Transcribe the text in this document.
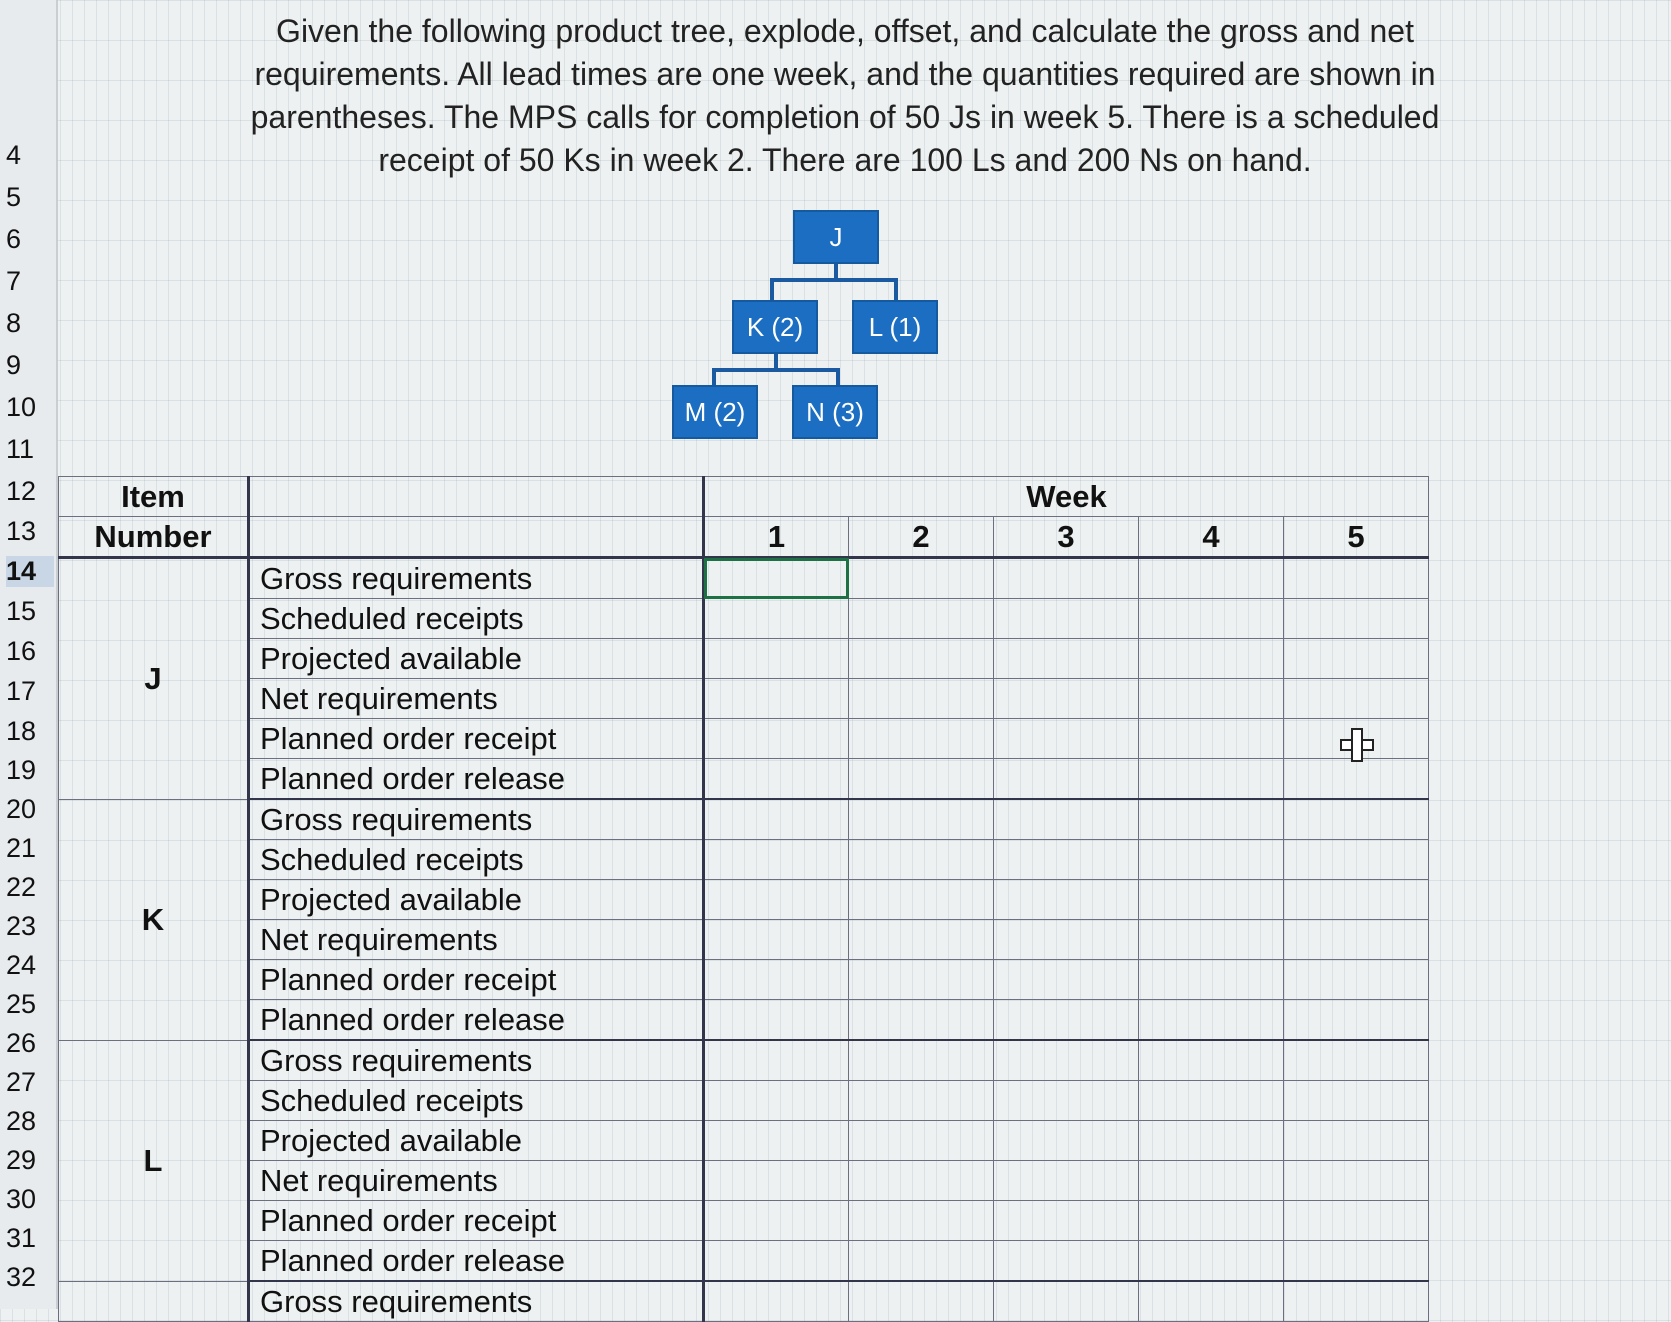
4
5
6
7
8
9
10
11
12
13
14
15
16
17
18
19
20
21
22
23
24
25
26
27
28
29
30
31
32
Given the following product tree, explode, offset, and calculate the gross and net requirements. All lead times are one week, and the quantities required are shown in parentheses. The MPS calls for completion of 50 Js in week 5. There is a scheduled receipt of 50 Ks in week 2. There are 100 Ls and 200 Ns on hand.
J
K (2)	L (1)
M (2)	N (3)
Item		Week				
Number		1	2	3	4	5
J	Gross requirements					
	Scheduled receipts					
	Projected available					
	Net requirements					
	Planned order receipt					
	Planned order release					
K	Gross requirements					
	Scheduled receipts					
	Projected available					
	Net requirements					
	Planned order receipt					
	Planned order release					
L	Gross requirements					
	Scheduled receipts					
	Projected available					
	Net requirements					
	Planned order receipt					
	Planned order release					
	Gross requirements					
